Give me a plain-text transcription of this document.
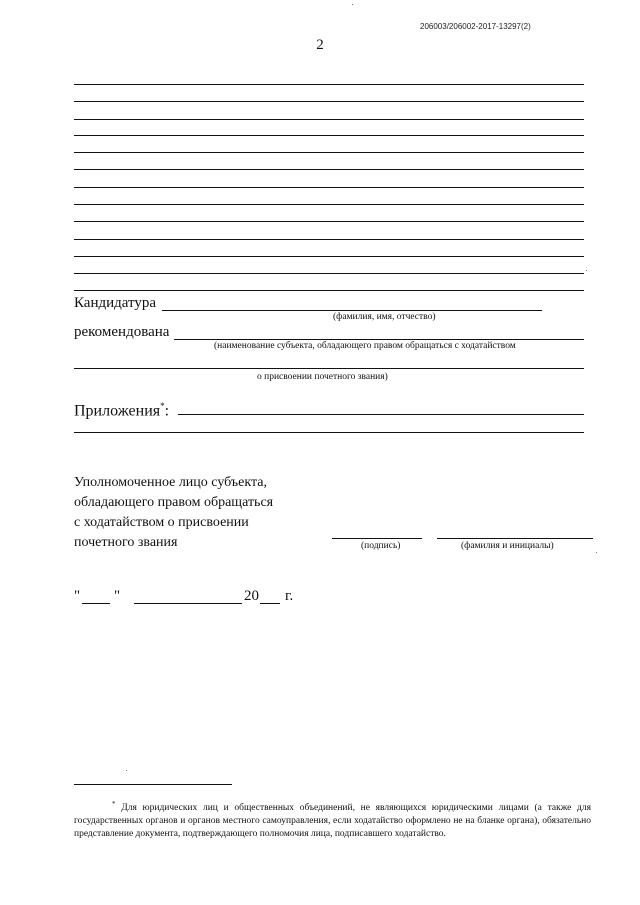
206003/206002-2017-13297(2)
2
Кандидатура
(фамилия, имя, отчество)
рекомендована
(наименование субъекта, обладающего правом обращаться с ходатайством
о присвоении почетного звания)
Приложения*:
Уполномоченное лицо субъекта,
обладающего правом обращаться
с ходатайством о присвоении
почетного звания	(подпись)	(фамилия и инициалы)
" "	20 г.
* Для юридических лиц и общественных объединений, не являющихся юридическими лицами (а также для государственных органов и органов местного самоуправления, если ходатайство оформлено не на бланке органа), обязательно представление документа, подтверждающего полномочия лица, подписавшего ходатайство.
